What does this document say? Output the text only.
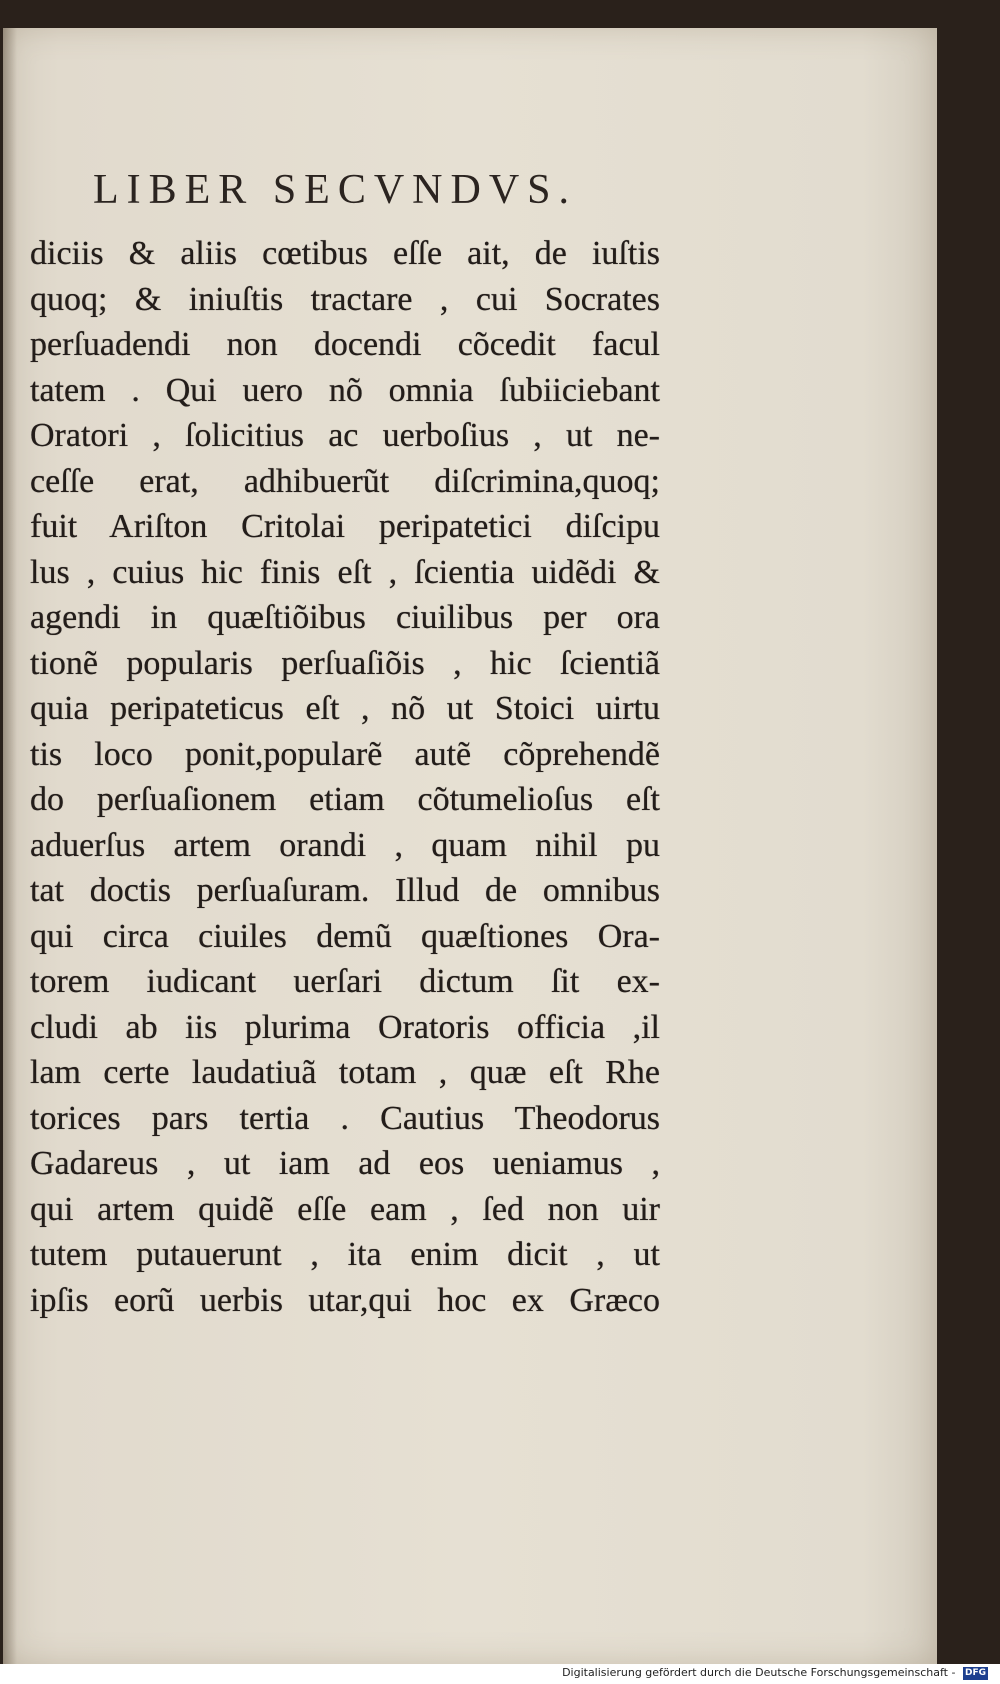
LIBER SECVNDVS.
diciis & aliis cœtibus eſſe ait, de iuſtis
quoq; & iniuſtis tractare , cui Socrates
perſuadendi non docendi cõcedit facul
tatem . Qui uero nõ omnia ſubiiciebant
Oratori , ſolicitius ac uerboſius , ut ne-
ceſſe erat, adhibuerũt diſcrimina,quoq;
fuit Ariſton Critolai peripatetici diſcipu
lus , cuius hic finis eſt , ſcientia uidẽdi &
agendi in quæſtiõibus ciuilibus per ora
tionẽ popularis perſuaſiõis , hic ſcientiã
quia peripateticus eſt , nõ ut Stoici uirtu
tis loco ponit,popularẽ autẽ cõprehendẽ
do perſuaſionem etiam cõtumelioſus eſt
aduerſus artem orandi , quam nihil pu
tat doctis perſuaſuram. Illud de omnibus
qui circa ciuiles demũ quæſtiones Ora-
torem iudicant uerſari dictum ſit ex-
cludi ab iis plurima Oratoris officia ,il
lam certe laudatiuã totam , quæ eſt Rhe
torices pars tertia . Cautius Theodorus
Gadareus , ut iam ad eos ueniamus ,
qui artem quidẽ eſſe eam , ſed non uir
tutem putauerunt , ita enim dicit , ut
ipſis eorũ uerbis utar,qui hoc ex Græco
Digitalisierung gefördert durch die Deutsche Forschungsgemeinschaft - DFG
